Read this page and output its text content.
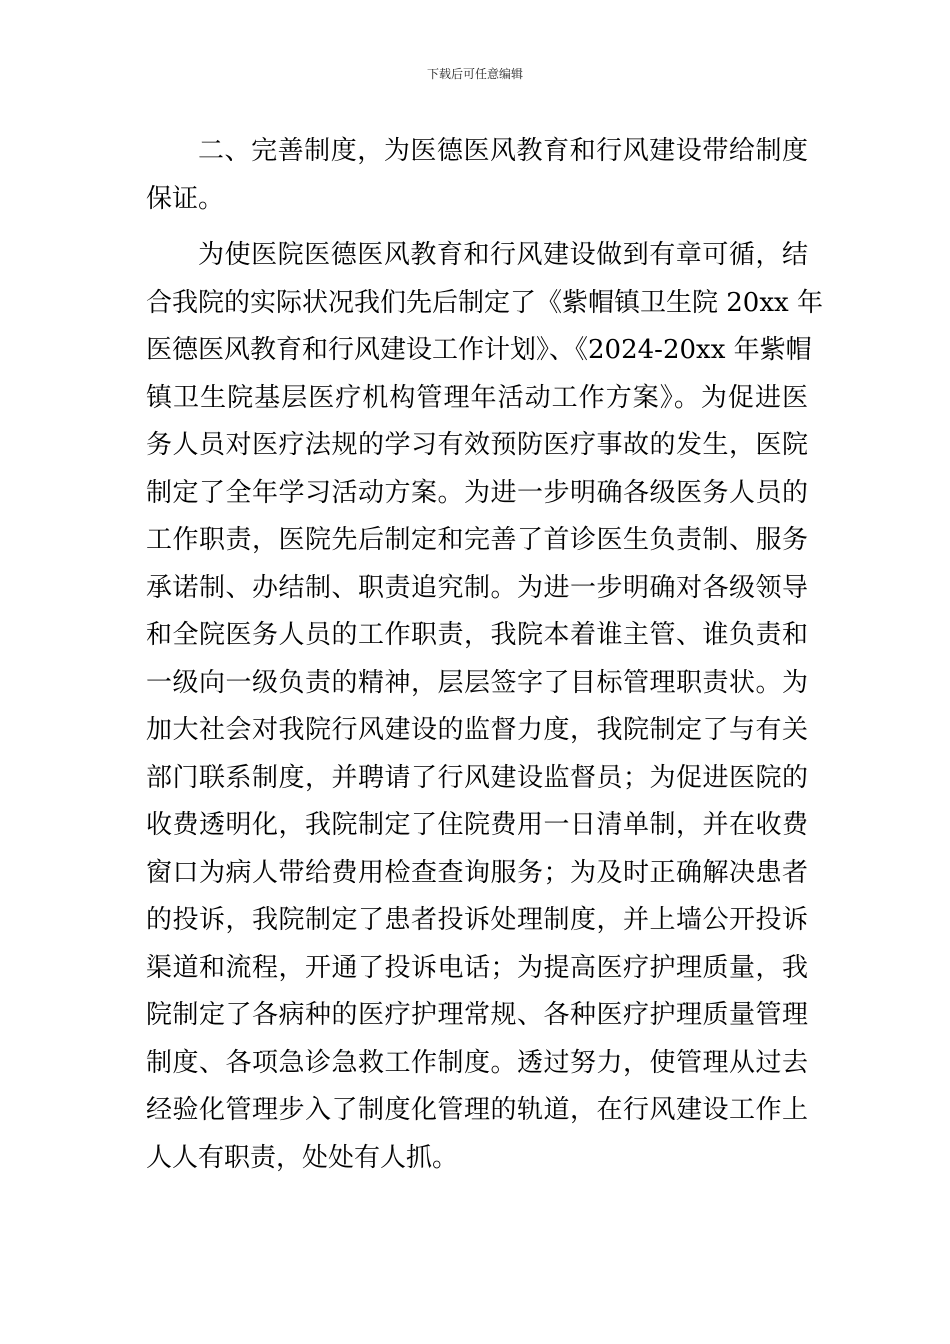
下载后可任意编辑
二、完善制度，为医德医风教育和行风建设带给制度
保证。
为使医院医德医风教育和行风建设做到有章可循，结
合我院的实际状况我们先后制定了《紫帽镇卫生院 20xx 年
医德医风教育和行风建设工作计划》、《2024-20xx 年紫帽
镇卫生院基层医疗机构管理年活动工作方案》。为促进医
务人员对医疗法规的学习有效预防医疗事故的发生，医院
制定了全年学习活动方案。为进一步明确各级医务人员的
工作职责，医院先后制定和完善了首诊医生负责制、服务
承诺制、办结制、职责追究制。为进一步明确对各级领导
和全院医务人员的工作职责，我院本着谁主管、谁负责和
一级向一级负责的精神，层层签字了目标管理职责状。为
加大社会对我院行风建设的监督力度，我院制定了与有关
部门联系制度，并聘请了行风建设监督员；为促进医院的
收费透明化，我院制定了住院费用一日清单制，并在收费
窗口为病人带给费用检查查询服务；为及时正确解决患者
的投诉，我院制定了患者投诉处理制度，并上墙公开投诉
渠道和流程，开通了投诉电话；为提高医疗护理质量，我
院制定了各病种的医疗护理常规、各种医疗护理质量管理
制度、各项急诊急救工作制度。透过努力，使管理从过去
经验化管理步入了制度化管理的轨道，在行风建设工作上
人人有职责，处处有人抓。
